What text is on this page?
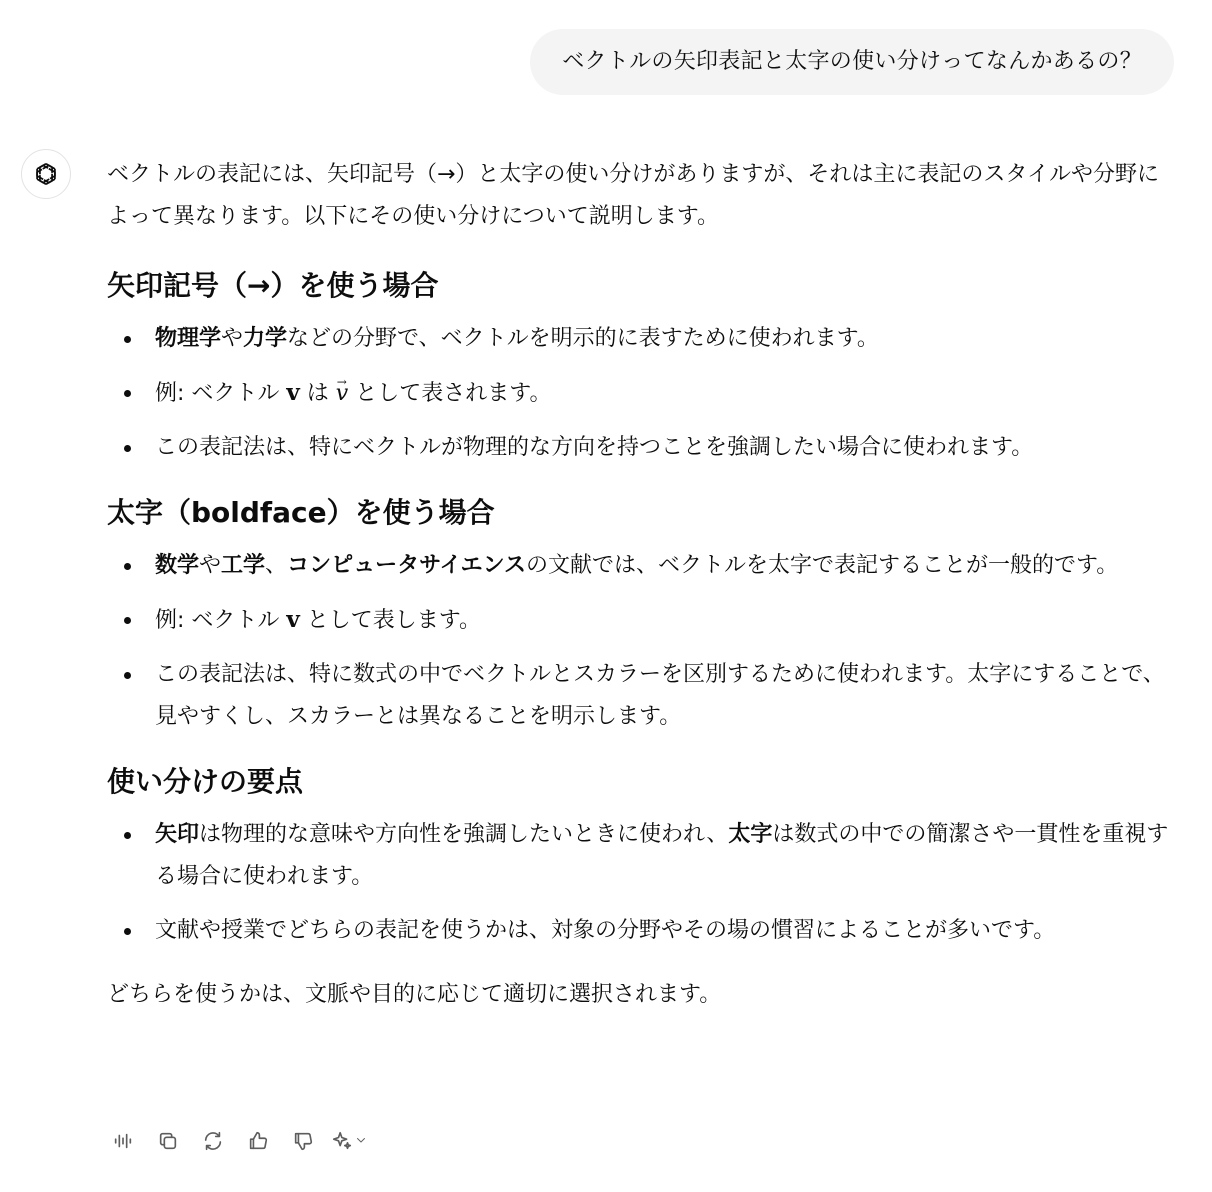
ベクトルの矢印表記と太字の使い分けってなんかあるの？

ベクトルの表記には、矢印記号（→）と太字の使い分けがありますが、それは主に表記のスタイルや分野によって異なります。以下にその使い分けについて説明します。

矢印記号（→）を使う場合
物理学や力学などの分野で、ベクトルを明示的に表すために使われます。
例: ベクトル v は → v として表されます。
この表記法は、特にベクトルが物理的な方向を持つことを強調したい場合に使われます。
太字（boldface）を使う場合
数学や工学、コンピュータサイエンスの文献では、ベクトルを太字で表記することが一般的です。
例: ベクトル v として表します。
この表記法は、特に数式の中でベクトルとスカラーを区別するために使われます。太字にすることで、見やすくし、スカラーとは異なることを明示します。
使い分けの要点
矢印は物理的な意味や方向性を強調したいときに使われ、太字は数式の中での簡潔さや一貫性を重視する場合に使われます。
文献や授業でどちらの表記を使うかは、対象の分野やその場の慣習によることが多いです。

どちらを使うかは、文脈や目的に応じて適切に選択されます。
